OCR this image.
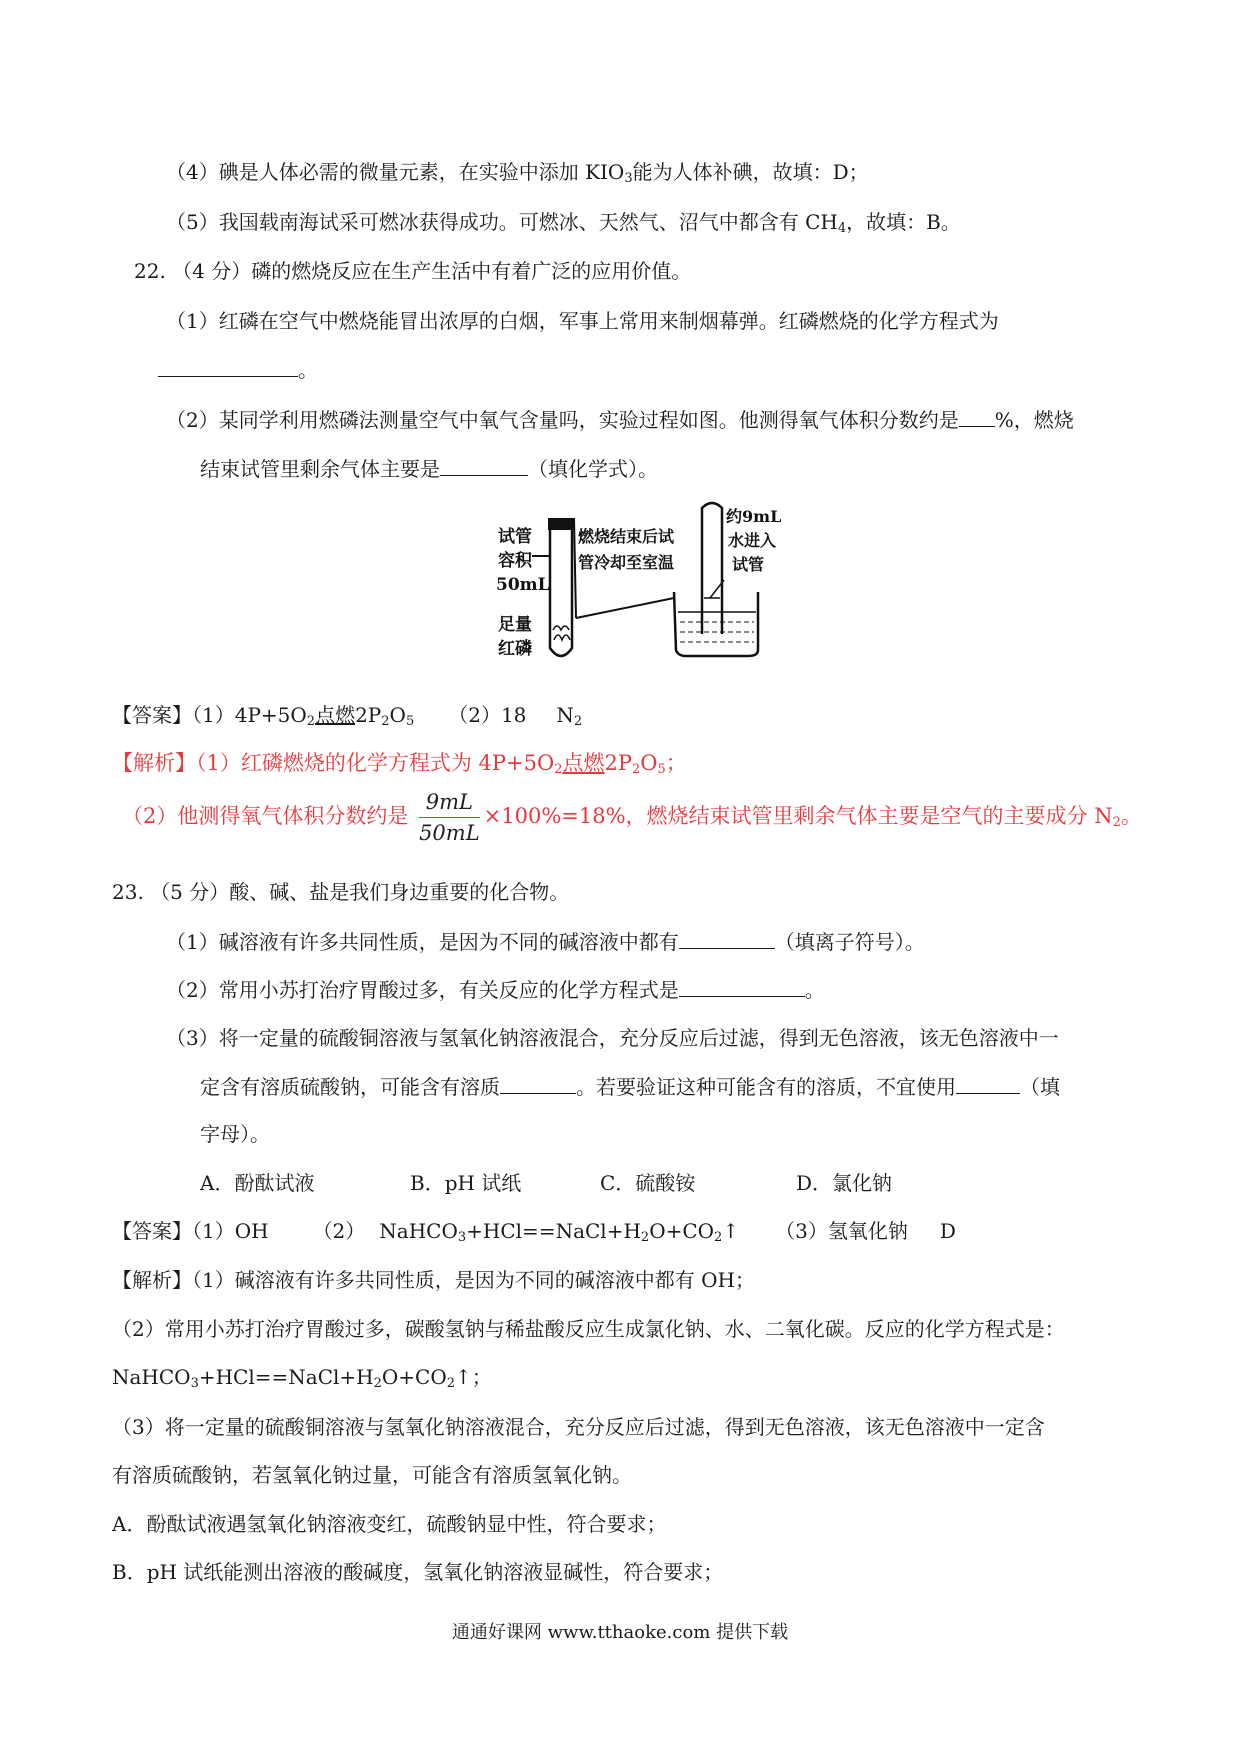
（4）碘是人体必需的微量元素，在实验中添加 $KIO_3$能为人体补碘，故填：D；
（5）我国载南海试采可燃冰获得成功。可燃冰、天然气、沼气中都含有 $CH_4$，故填：B。
22. （4 分）磷的燃烧反应在生产生活中有着广泛的应用价值。
（1）红磷在空气中燃烧能冒出浓厚的白烟，军事上常用来制烟幕弹。红磷燃烧的化学方程式为
。
（2）某同学利用燃磷法测量空气中氧气含量吗，实验过程如图。他测得氧气体积分数约是 %，燃烧
结束试管里剩余气体主要是	（填化学式）。
试管
容积
50mL
足量
红磷
燃烧结束后试
管冷却至室温
约9mL
水进入
试管
【答案】$(1)4P+5O_2$点燃$2P_2O_5$ （2）18 $N_2$
【解析】（1）红磷燃烧的化学方程式为 $4P+5O_2$点燃$2P_2O_5$；
（2）他测得氧气体积分数约是 $\frac{9mL}{50mL} \times 100\%=18\%$，燃烧结束试管里剩余气体主要是空气的主要成分 $N_2$。
23. （5 分）酸、碱、盐是我们身边重要的化合物。
（1）碱溶液有许多共同性质，是因为不同的碱溶液中都有	（填离子符号）。
（2）常用小苏打治疗胃酸过多，有关反应的化学方程式是	。
（3）将一定量的硫酸铜溶液与氢氧化钠溶液混合，充分反应后过滤，得到无色溶液，该无色溶液中一
定含有溶质硫酸钠，可能含有溶质	。若要验证这种可能含有的溶质，不宜使用	（填
字母）。
A．酚酞试液	B．pH 试纸	C．硫酸铵	D．氯化钠
【答案】（1）OH （2） $NaHCO_3+HCl==NaCl+H_2O+CO_2↑$ （3）氢氧化钠 D
【解析】（1）碱溶液有许多共同性质，是因为不同的碱溶液中都有 OH；
（2）常用小苏打治疗胃酸过多，碳酸氢钠与稀盐酸反应生成氯化钠、水、二氧化碳。反应的化学方程式是：
$NaHCO_3+HCl==NaCl+H_2O+CO_2↑$；
（3）将一定量的硫酸铜溶液与氢氧化钠溶液混合，充分反应后过滤，得到无色溶液，该无色溶液中一定含
有溶质硫酸钠，若氢氧化钠过量，可能含有溶质氢氧化钠。
A．酚酞试液遇氢氧化钠溶液变红，硫酸钠显中性，符合要求；
B．pH 试纸能测出溶液的酸碱度，氢氧化钠溶液显碱性，符合要求；
通通好课网 www.tthaoke.com 提供下载
